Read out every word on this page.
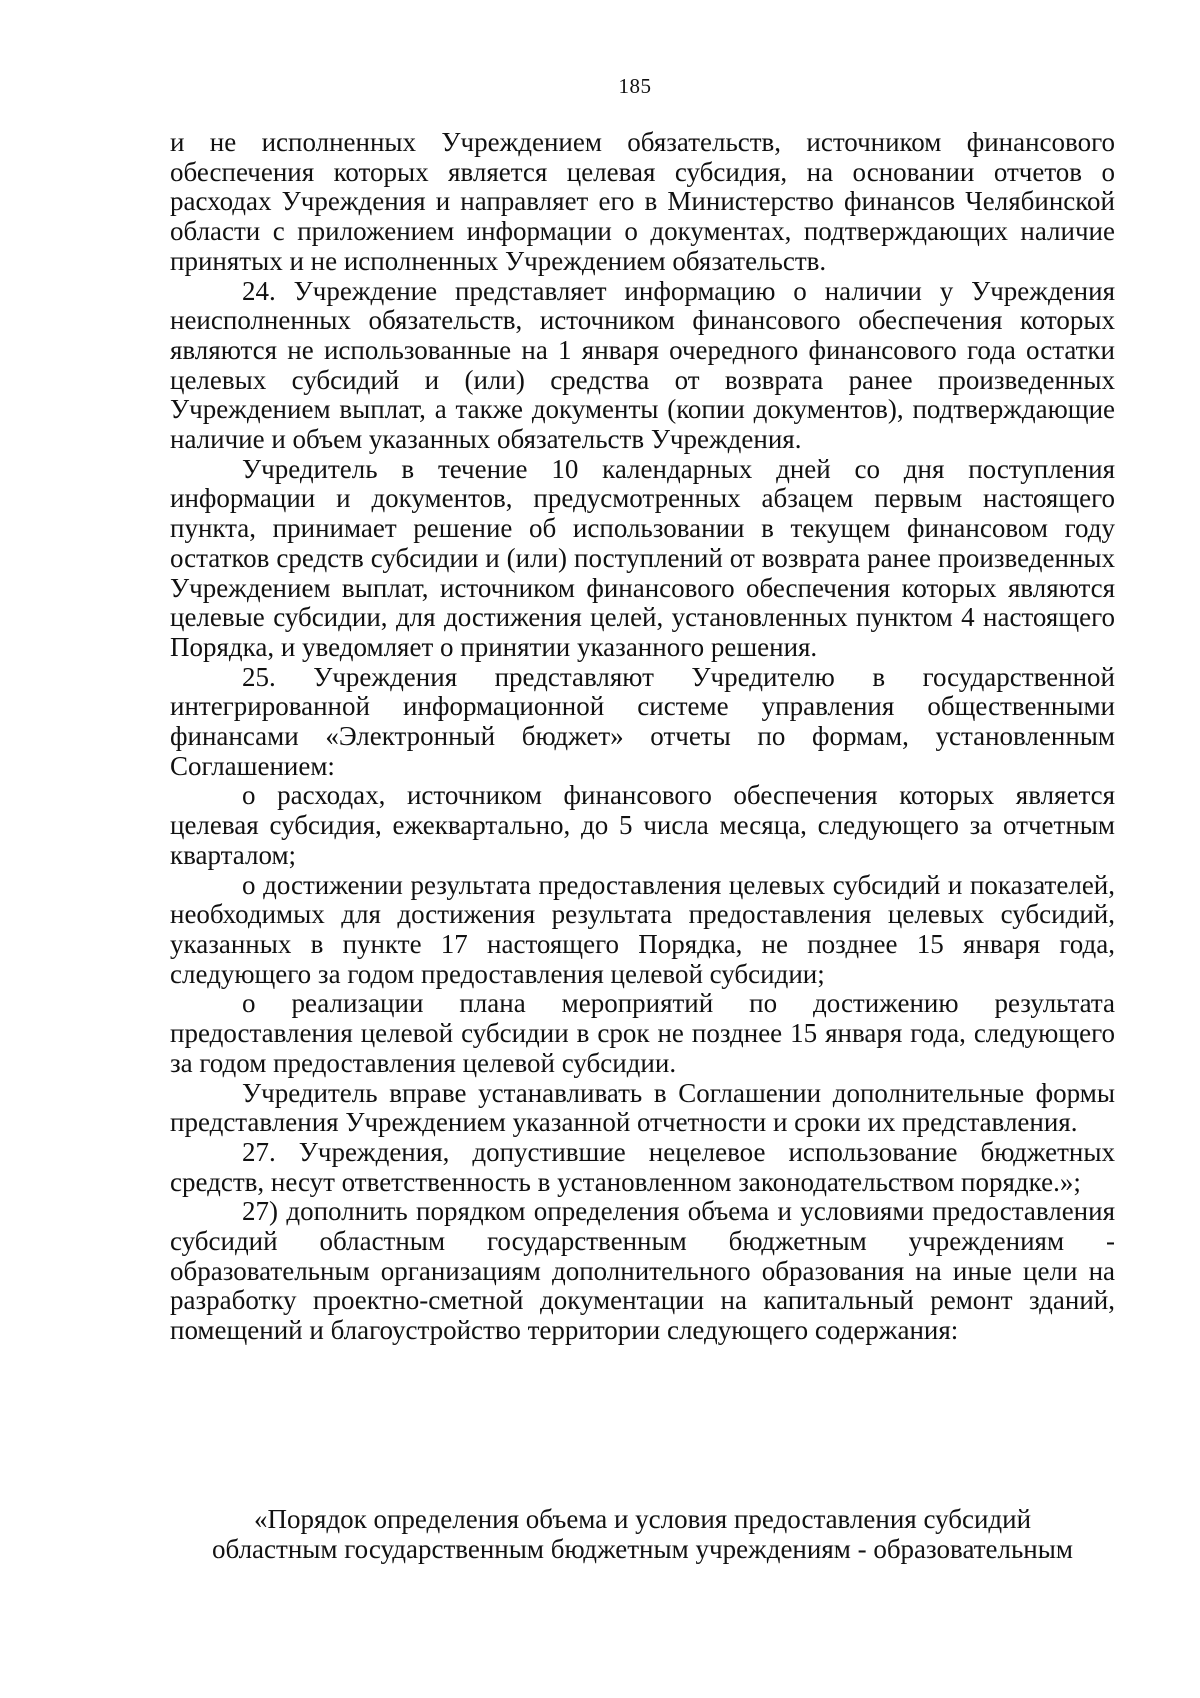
185

и не исполненных Учреждением обязательств, источником финансового обеспечения которых является целевая субсидия, на основании отчетов о расходах Учреждения и направляет его в Министерство финансов Челябинской области с приложением информации о документах, подтверждающих наличие принятых и не исполненных Учреждением обязательств.

24. Учреждение представляет информацию о наличии у Учреждения неисполненных обязательств, источником финансового обеспечения которых являются не использованные на 1 января очередного финансового года остатки целевых субсидий и (или) средства от возврата ранее произведенных Учреждением выплат, а также документы (копии документов), подтверждающие наличие и объем указанных обязательств Учреждения.

Учредитель в течение 10 календарных дней со дня поступления информации и документов, предусмотренных абзацем первым настоящего пункта, принимает решение об использовании в текущем финансовом году остатков средств субсидии и (или) поступлений от возврата ранее произведенных Учреждением выплат, источником финансового обеспечения которых являются целевые субсидии, для достижения целей, установленных пунктом 4 настоящего Порядка, и уведомляет о принятии указанного решения.

25. Учреждения представляют Учредителю в государственной интегрированной информационной системе управления общественными финансами «Электронный бюджет» отчеты по формам, установленным Соглашением:

о расходах, источником финансового обеспечения которых является целевая субсидия, ежеквартально, до 5 числа месяца, следующего за отчетным кварталом;

о достижении результата предоставления целевых субсидий и показателей, необходимых для достижения результата предоставления целевых субсидий, указанных в пункте 17 настоящего Порядка, не позднее 15 января года, следующего за годом предоставления целевой субсидии;

о реализации плана мероприятий по достижению результата предоставления целевой субсидии в срок не позднее 15 января года, следующего за годом предоставления целевой субсидии.

Учредитель вправе устанавливать в Соглашении дополнительные формы представления Учреждением указанной отчетности и сроки их представления.

27. Учреждения, допустившие нецелевое использование бюджетных средств, несут ответственность в установленном законодательством порядке.»;

27) дополнить порядком определения объема и условиями предоставления субсидий областным государственным бюджетным учреждениям - образовательным организациям дополнительного образования на иные цели на разработку проектно-сметной документации на капитальный ремонт зданий, помещений и благоустройство территории следующего содержания:

«Порядок определения объема и условия предоставления субсидий
областным государственным бюджетным учреждениям - образовательным
